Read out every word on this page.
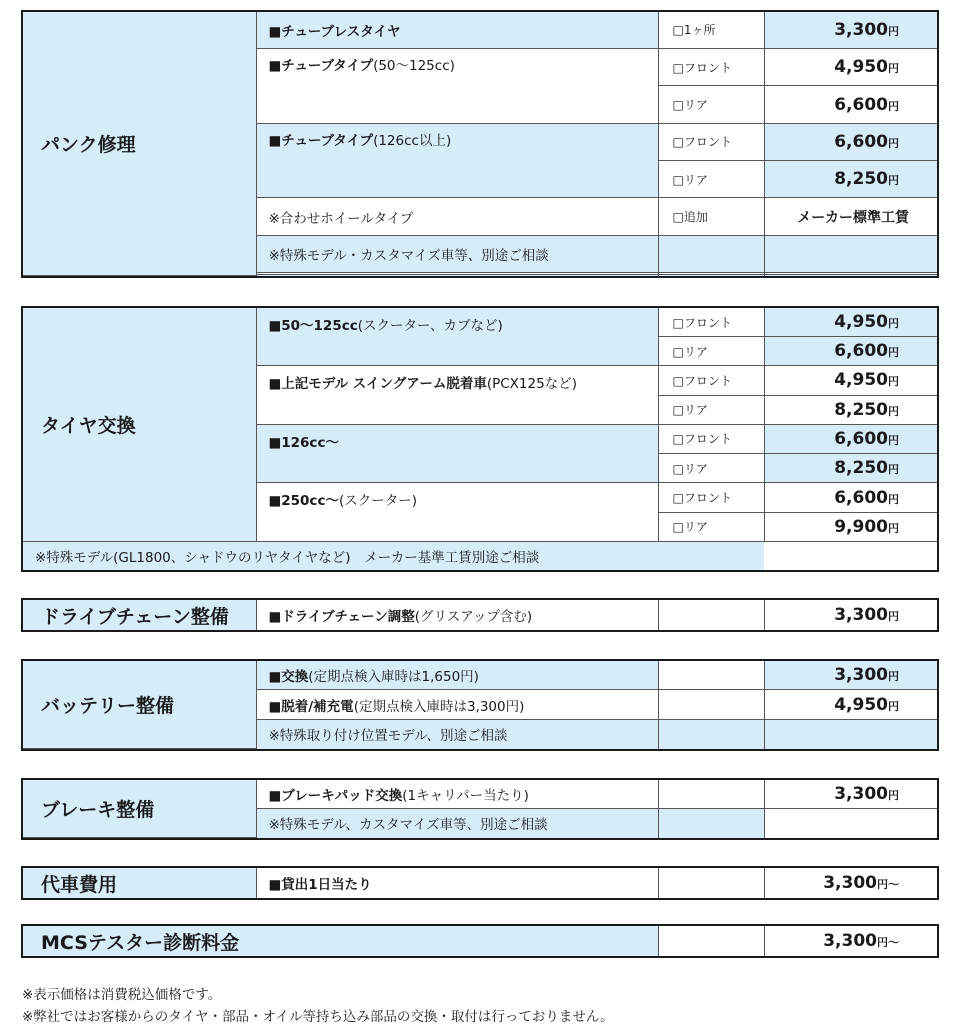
パンク修理	■チューブレスタイヤ	□1ヶ所	3,300円
	■チューブタイプ(50〜125cc)	□フロント	4,950円
		□リア	6,600円
	■チューブタイプ(126cc以上)	□フロント	6,600円
		□リア	8,250円
	※合わせホイールタイプ	□追加	メーカー標準工賃
	※特殊モデル・カスタマイズ車等、別途ご相談		

タイヤ交換	■50〜125cc(スクーター、カブなど)	□フロント	4,950円
		□リア	6,600円
	■上記モデル スイングアーム脱着車(PCX125など)	□フロント	4,950円
		□リア	8,250円
	■126cc〜	□フロント	6,600円
		□リア	8,250円
	■250cc〜(スクーター)	□フロント	6,600円
		□リア	9,900円
※特殊モデル(GL1800、シャドウのリヤタイヤなど)　メーカー基準工賃別途ご相談			
ドライブチェーン整備	■ドライブチェーン調整(グリスアップ含む)		3,300円
バッテリー整備	■交換(定期点検入庫時は1,650円)		3,300円
	■脱着/補充電(定期点検入庫時は3,300円)		4,950円
	※特殊取り付け位置モデル、別途ご相談		
ブレーキ整備	■ブレーキパッド交換(1キャリパー当たり)		3,300円
	※特殊モデル、カスタマイズ車等、別途ご相談		
代車費用	■貸出1日当たり		3,300円〜
MCSテスター診断料金		3,300円〜
※表示価格は消費税込価格です。
※弊社ではお客様からのタイヤ・部品・オイル等持ち込み部品の交換・取付は行っておりません。
